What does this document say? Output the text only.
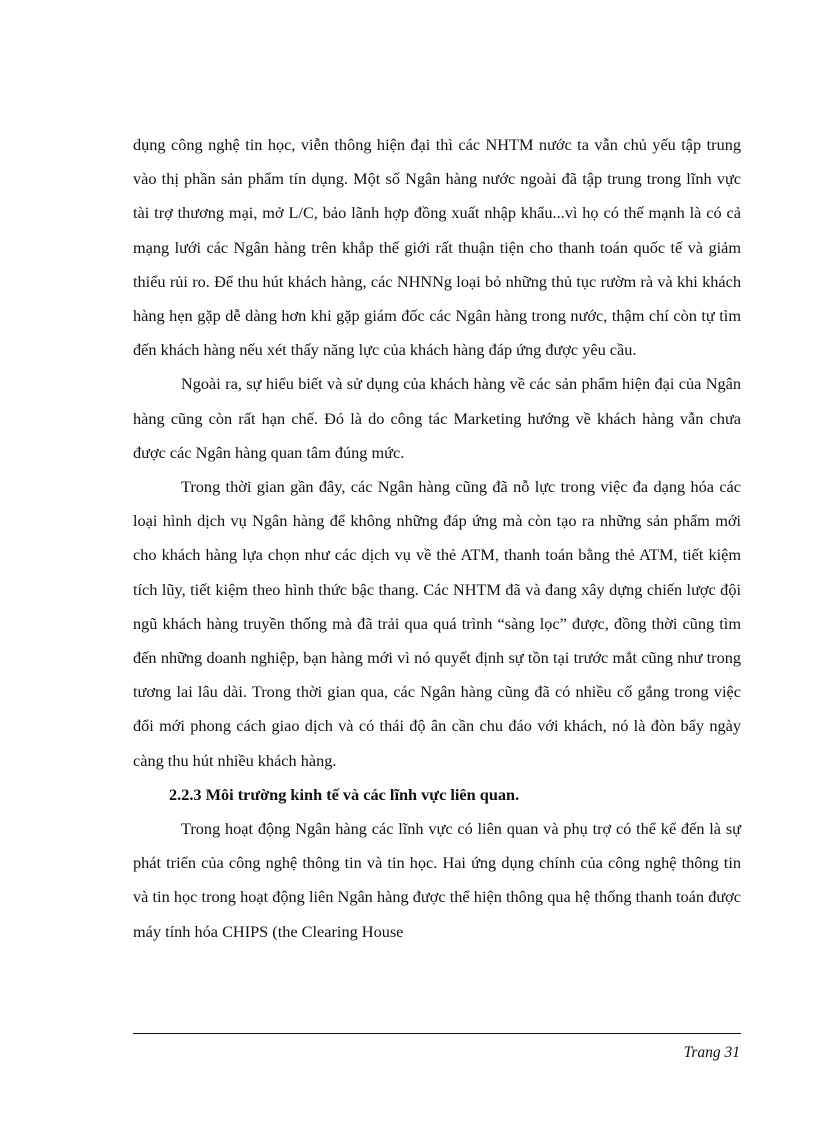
dụng công nghệ tin học, viễn thông hiện đại thì các NHTM nước ta vẫn chủ yếu tập trung vào thị phần sản phẩm tín dụng. Một số Ngân hàng nước ngoài đã tập trung trong lĩnh vực tài trợ thương mại, mở L/C, bảo lãnh hợp đồng xuất nhập khẩu...vì họ có thế mạnh là có cả mạng lưới các Ngân hàng trên khắp thế giới rất thuận tiện cho thanh toán quốc tế và giảm thiểu rủi ro. Để thu hút khách hàng, các NHNNg loại bỏ những thủ tục rườm rà và khi khách hàng hẹn gặp dễ dàng hơn khi gặp giám đốc các Ngân hàng trong nước, thậm chí còn tự tìm đến khách hàng nếu xét thấy năng lực của khách hàng đáp ứng được yêu cầu.

Ngoài ra, sự hiểu biết và sử dụng của khách hàng về các sản phẩm hiện đại của Ngân hàng cũng còn rất hạn chế. Đó là do công tác Marketing hướng về khách hàng vẫn chưa được các Ngân hàng quan tâm đúng mức.

Trong thời gian gần đây, các Ngân hàng cũng đã nỗ lực trong việc đa dạng hóa các loại hình dịch vụ Ngân hàng để không những đáp ứng mà còn tạo ra những sản phẩm mới cho khách hàng lựa chọn như các dịch vụ về thẻ ATM, thanh toán bằng thẻ ATM, tiết kiệm tích lũy, tiết kiệm theo hình thức bậc thang. Các NHTM đã và đang xây dựng chiến lược đội ngũ khách hàng truyền thống mà đã trải qua quá trình “sàng lọc” được, đồng thời cũng tìm đến những doanh nghiệp, bạn hàng mới vì nó quyết định sự tồn tại trước mắt cũng như trong tương lai lâu dài. Trong thời gian qua, các Ngân hàng cũng đã có nhiều cố gắng trong việc đổi mới phong cách giao dịch và có thái độ ân cần chu đáo với khách, nó là đòn bẩy ngày càng thu hút nhiều khách hàng.

2.2.3 Môi trường kinh tế và các lĩnh vực liên quan.

Trong hoạt động Ngân hàng các lĩnh vực có liên quan và phụ trợ có thể kể đến là sự phát triển của công nghệ thông tin và tin học. Hai ứng dụng chính của công nghệ thông tin và tin học trong hoạt động liên Ngân hàng được thể hiện thông qua hệ thống thanh toán được máy tính hóa CHIPS (the Clearing House

Trang 31
